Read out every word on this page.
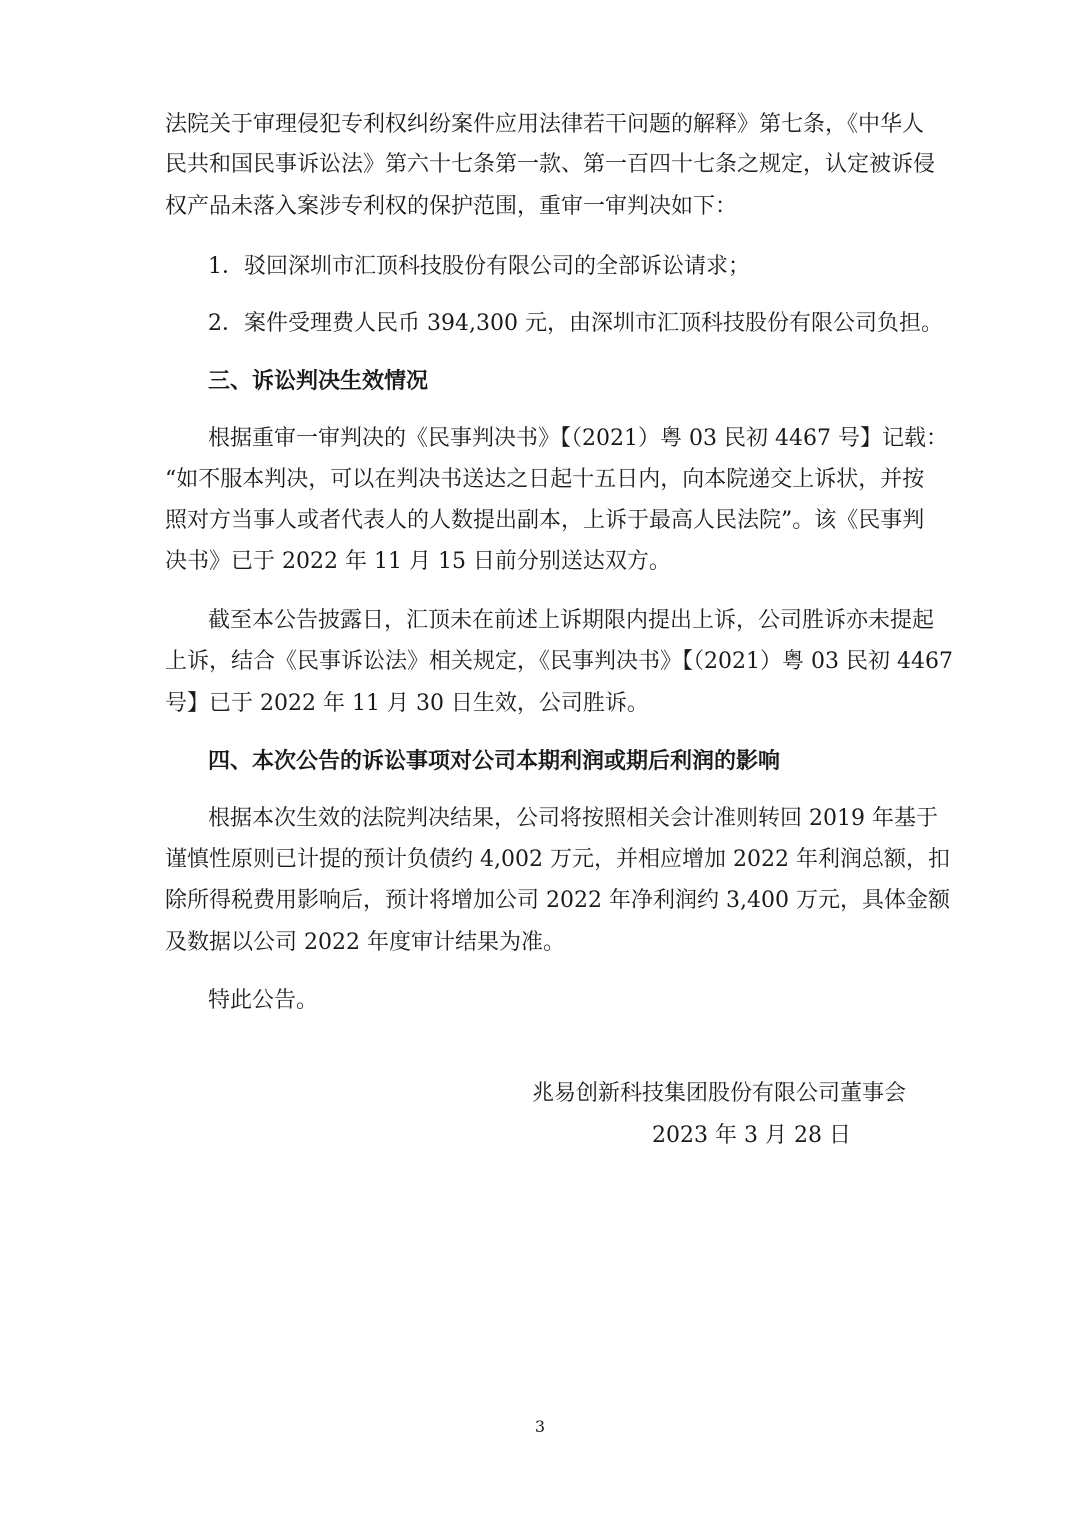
法院关于审理侵犯专利权纠纷案件应用法律若干问题的解释》第七条，《中华人
民共和国民事诉讼法》第六十七条第一款、第一百四十七条之规定，认定被诉侵
权产品未落入案涉专利权的保护范围，重审一审判决如下：
1．驳回深圳市汇顶科技股份有限公司的全部诉讼请求；
2．案件受理费人民币 394,300 元，由深圳市汇顶科技股份有限公司负担。
三、诉讼判决生效情况
根据重审一审判决的《民事判决书》【（2021）粤 03 民初 4467 号】记载：
“如不服本判决，可以在判决书送达之日起十五日内，向本院递交上诉状，并按
照对方当事人或者代表人的人数提出副本，上诉于最高人民法院”。该《民事判
决书》已于 2022 年 11 月 15 日前分别送达双方。
截至本公告披露日，汇顶未在前述上诉期限内提出上诉，公司胜诉亦未提起
上诉，结合《民事诉讼法》相关规定，《民事判决书》【（2021）粤 03 民初 4467
号】已于 2022 年 11 月 30 日生效，公司胜诉。
四、本次公告的诉讼事项对公司本期利润或期后利润的影响
根据本次生效的法院判决结果，公司将按照相关会计准则转回 2019 年基于
谨慎性原则已计提的预计负债约 4,002 万元，并相应增加 2022 年利润总额，扣
除所得税费用影响后，预计将增加公司 2022 年净利润约 3,400 万元，具体金额
及数据以公司 2022 年度审计结果为准。
特此公告。
兆易创新科技集团股份有限公司董事会
2023 年 3 月 28 日
3
